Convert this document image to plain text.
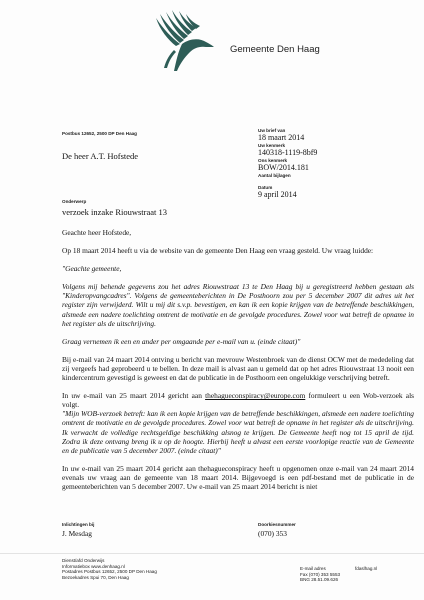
Gemeente Den Haag
Postbus 12652, 2500 DP Den Haag
De heer A.T. Hofstede
Uw brief van
18 maart 2014
Uw kenmerk
140318-1119-8bf9
Ons kenmerk
BOW/2014.181
Aantal bijlagen
Datum
9 april 2014
Onderwerp
verzoek inzake Riouwstraat 13

Geachte heer Hofstede,

Op 18 maart 2014 heeft u via de website van de gemeente Den Haag een vraag gesteld. Uw vraag luidde:

"Geachte gemeente,

Volgens mij behende gegevens zou het adres Riouwstraat 13 te Den Haag bij u geregistreerd hebben gestaan als "Kinderopvangcadres". Volgens de gemeenteberichten in De Posthoorn zou per 5 december 2007 dit adres uit het register zijn verwijderd. Wilt u mij dit s.v.p. bevestigen, en kan ik een kopie krijgen van de betreffende beschikkingen, alsmede een nadere toelichting omtrent de motivatie en de gevolgde procedures. Zowel voor wat betreft de opname in het register als de uitschrijving.

Graag vernemen ik een en ander per omgaande per e-mail van u. (einde citaat)"

Bij e-mail van 24 maart 2014 ontving u bericht van mevrouw Westenbroek van de dienst OCW met de mededeling dat zij vergeefs had geprobeerd u te bellen. In deze mail is alvast aan u gemeld dat op het adres Riouwstraat 13 nooit een kindercentrum gevestigd is geweest en dat de publicatie in de Posthoorn een ongelukkige verschrijving betreft.

In uw e-mail van 25 maart 2014 gericht aan thehagueconspiracy@europe.com formuleert u een Wob-verzoek als volgt.

"Mijn WOB-verzoek betreft: kan ik een kopie krijgen van de betreffende beschikkingen, alsmede een nadere toelichting omtrent de motivatie en de gevolgde procedures. Zowel voor wat betreft de opname in het register als de uitschrijving. Ik verwacht de volledige rechtsgeldige beschikking alsnog te krijgen. De Gemeente heeft nog tot 15 april de tijd. Zodra ik deze ontvang breng ik u op de hoogte. Hierbij heeft u alvast een eerste voorlopige reactie van de Gemeente en de publicatie van 5 december 2007. (einde citaat)"

In uw e-mail van 25 maart 2014 gericht aan thehagueconspiracy heeft u opgenomen onze e-mail van 24 maart 2014 evenals uw vraag aan de gemeente van 18 maart 2014. Bijgevoegd is een pdf-bestand met de publicatie in de gemeenteberichten van 5 december 2007. Uw e-mail van 25 maart 2014 bericht is niet

Inlichtingen bij
J. Mesdag
Doorkiesnummer
(070) 353
Dienst/afd Onderwijs
Informatiebox www.denhaag.nl
Postadres Postbus 12652, 2500 DP Den Haag
Bezoekadres Spui 70, Den Haag
E-mail adres
Fax (070) 353 5553
BNG 28.51.09.626
fdaslhag.nl
